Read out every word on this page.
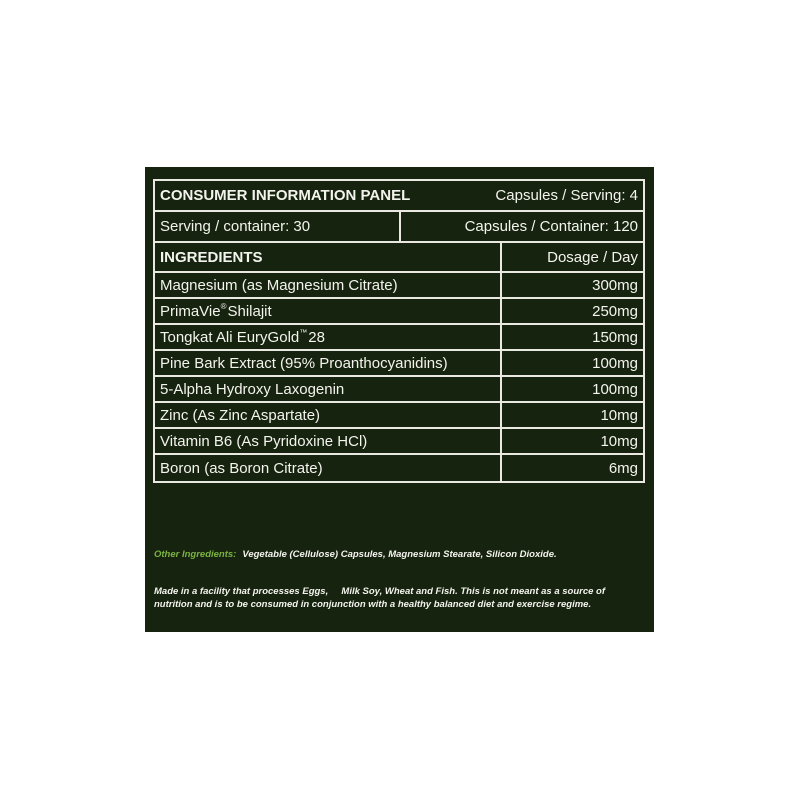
CONSUMER INFORMATION PANEL	Capsules / Serving: 4
Serving / container: 30	Capsules / Container: 120
INGREDIENTS	Dosage / Day
Magnesium (as Magnesium Citrate)	300mg
PrimaVie® Shilajit	250mg
Tongkat Ali EuryGold™ 28	150mg
Pine Bark Extract (95% Proanthocyanidins)	100mg
5-Alpha Hydroxy Laxogenin	100mg
Zinc (As Zinc Aspartate)	10mg
Vitamin B6 (As Pyridoxine HCl)	10mg
Boron (as Boron Citrate)	6mg
Other Ingredients: Vegetable (Cellulose) Capsules, Magnesium Stearate, Silicon Dioxide.
Made in a facility that processes Eggs,     Milk Soy, Wheat and Fish. This is not meant as a source of nutrition and is to be consumed in conjunction with a healthy balanced diet and exercise regime.
